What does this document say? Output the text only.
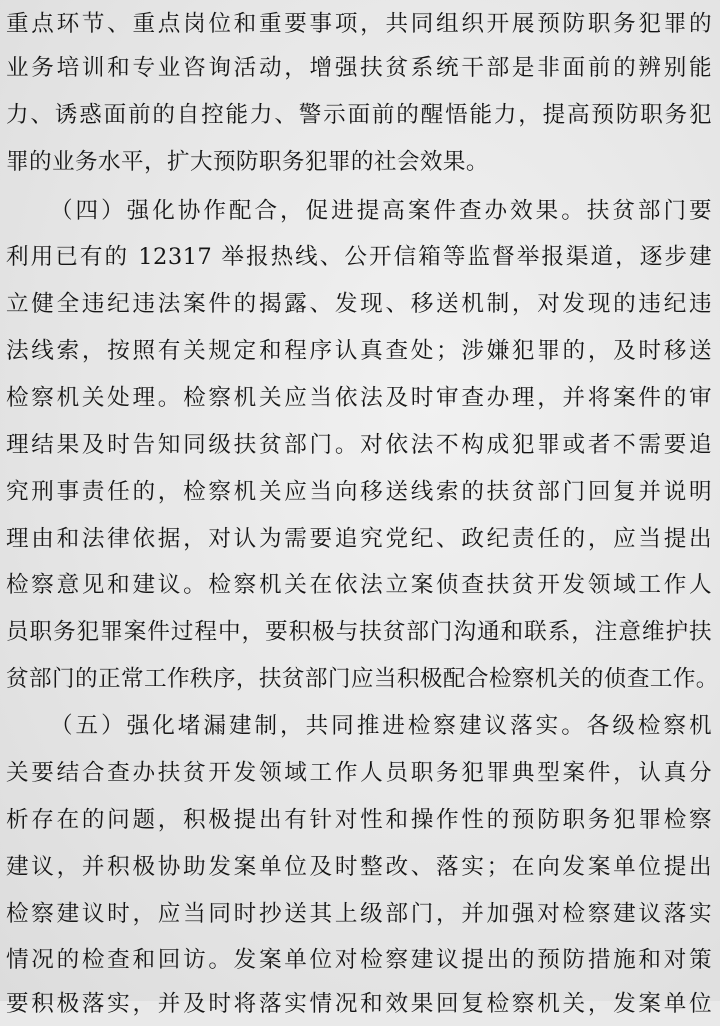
重点环节、重点岗位和重要事项，共同组织开展预防职务犯罪的
业务培训和专业咨询活动，增强扶贫系统干部是非面前的辨别能
力、诱惑面前的自控能力、警示面前的醒悟能力，提高预防职务犯
罪的业务水平，扩大预防职务犯罪的社会效果。
（四）强化协作配合，促进提高案件查办效果。扶贫部门要
利用已有的 12317 举报热线、公开信箱等监督举报渠道，逐步建
立健全违纪违法案件的揭露、发现、移送机制，对发现的违纪违
法线索，按照有关规定和程序认真查处；涉嫌犯罪的，及时移送
检察机关处理。检察机关应当依法及时审查办理，并将案件的审
理结果及时告知同级扶贫部门。对依法不构成犯罪或者不需要追
究刑事责任的，检察机关应当向移送线索的扶贫部门回复并说明
理由和法律依据，对认为需要追究党纪、政纪责任的，应当提出
检察意见和建议。检察机关在依法立案侦查扶贫开发领域工作人
员职务犯罪案件过程中，要积极与扶贫部门沟通和联系，注意维护扶
贫部门的正常工作秩序，扶贫部门应当积极配合检察机关的侦查工作。
（五）强化堵漏建制，共同推进检察建议落实。各级检察机
关要结合查办扶贫开发领域工作人员职务犯罪典型案件，认真分
析存在的问题，积极提出有针对性和操作性的预防职务犯罪检察
建议，并积极协助发案单位及时整改、落实；在向发案单位提出
检察建议时，应当同时抄送其上级部门，并加强对检察建议落实
情况的检查和回访。发案单位对检察建议提出的预防措施和对策
要积极落实，并及时将落实情况和效果回复检察机关，发案单位
